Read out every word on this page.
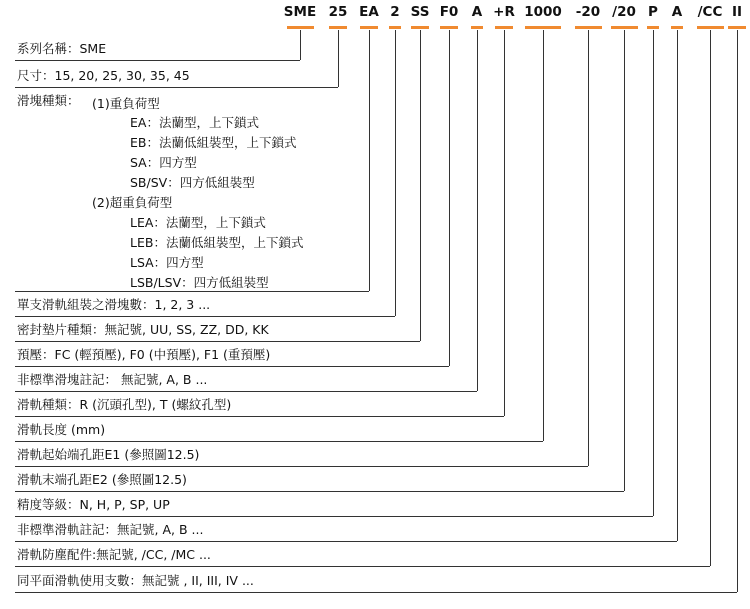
SME 25 EA 2 SS F0 A +R 1000 -20 /20 P A /CC II
系列名稱：SME
尺寸：15, 20, 25, 30, 35, 45
滑塊種類：
單支滑軌組裝之滑塊數：1, 2, 3 ...
密封墊片種類：無記號, UU, SS, ZZ, DD, KK
預壓：FC (輕預壓), F0 (中預壓), F1 (重預壓)
非標準滑塊註記： 無記號, A, B ...
滑軌種類：R (沉頭孔型), T (螺紋孔型)
滑軌長度 (mm)
滑軌起始端孔距E1 (參照圖12.5)
滑軌末端孔距E2 (參照圖12.5)
精度等級：N, H, P, SP, UP
非標準滑軌註記：無記號, A, B ...
滑軌防塵配件:無記號, /CC, /MC ...
同平面滑軌使用支數：無記號 , II, III, IV ...
(1)重負荷型
EA：法蘭型，上下鎖式
EB：法蘭低組裝型，上下鎖式
SA：四方型
SB/SV：四方低組裝型
(2)超重負荷型
LEA：法蘭型，上下鎖式
LEB：法蘭低組裝型，上下鎖式
LSA：四方型
LSB/LSV：四方低組裝型
